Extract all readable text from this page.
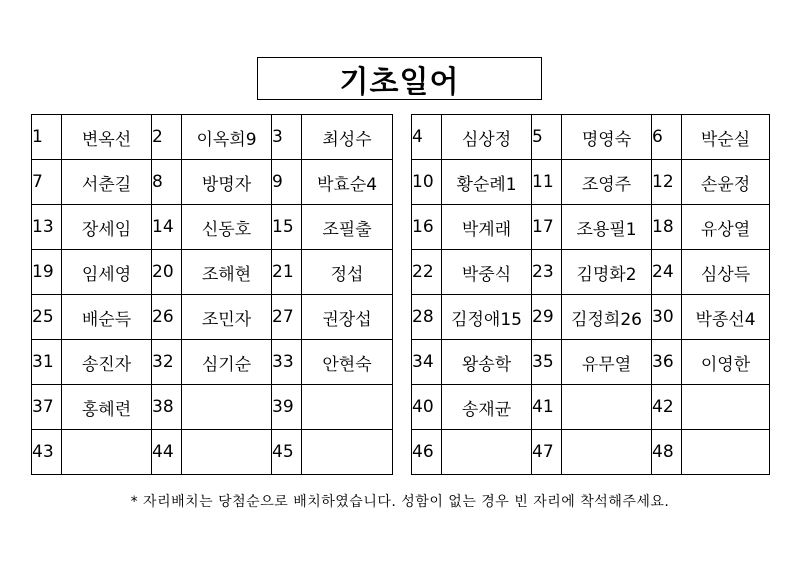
기초일어
1	변옥선	2	이옥희9	3	최성수
7	서춘길	8	방명자	9	박효순4
13	장세임	14	신동호	15	조필출
19	임세영	20	조해현	21	정섭
25	배순득	26	조민자	27	권장섭
31	송진자	32	심기순	33	안현숙
37	홍혜련	38		39	
43		44		45	
4	심상정	5	명영숙	6	박순실
10	황순례1	11	조영주	12	손윤정
16	박계래	17	조용필1	18	유상열
22	박중식	23	김명화2	24	심상득
28	김정애15	29	김정희26	30	박종선4
34	왕송학	35	유무열	36	이영한
40	송재균	41		42	
46		47		48	
* 자리배치는 당첨순으로 배치하였습니다. 성함이 없는 경우 빈 자리에 착석해주세요.
